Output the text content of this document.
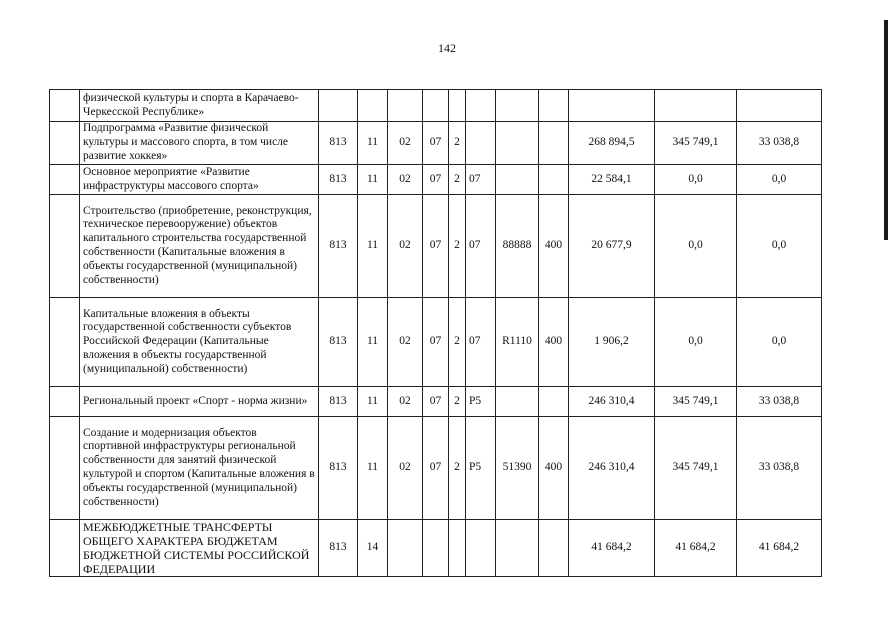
142
	физической культуры и спорта в Карачаево-Черкесской Республике»											
	Подпрограмма «Развитие физической культуры и массового спорта, в том числе развитие хоккея»	813	11	02	07	2				268 894,5	345 749,1	33 038,8
	Основное мероприятие «Развитие инфраструктуры массового спорта»	813	11	02	07	2	07			22 584,1	0,0	0,0
	Строительство (приобретение, реконструкция, техническое перевооружение) объектов капитального строительства государственной собственности (Капитальные вложения в объекты государственной (муниципальной) собственности)	813	11	02	07	2	07	88888	400	20 677,9	0,0	0,0
	Капитальные вложения в объекты государственной собственности субъектов Российской Федерации (Капитальные вложения в объекты государственной (муниципальной) собственности)	813	11	02	07	2	07	R1110	400	1 906,2	0,0	0,0
	Региональный проект «Спорт - норма жизни»	813	11	02	07	2	P5			246 310,4	345 749,1	33 038,8
	Создание и модернизация объектов спортивной инфраструктуры региональной собственности для занятий физической культурой и спортом (Капитальные вложения в объекты государственной (муниципальной) собственности)	813	11	02	07	2	P5	51390	400	246 310,4	345 749,1	33 038,8
	МЕЖБЮДЖЕТНЫЕ ТРАНСФЕРТЫ ОБЩЕГО ХАРАКТЕРА БЮДЖЕТАМ БЮДЖЕТНОЙ СИСТЕМЫ РОССИЙСКОЙ ФЕДЕРАЦИИ	813	14							41 684,2	41 684,2	41 684,2
